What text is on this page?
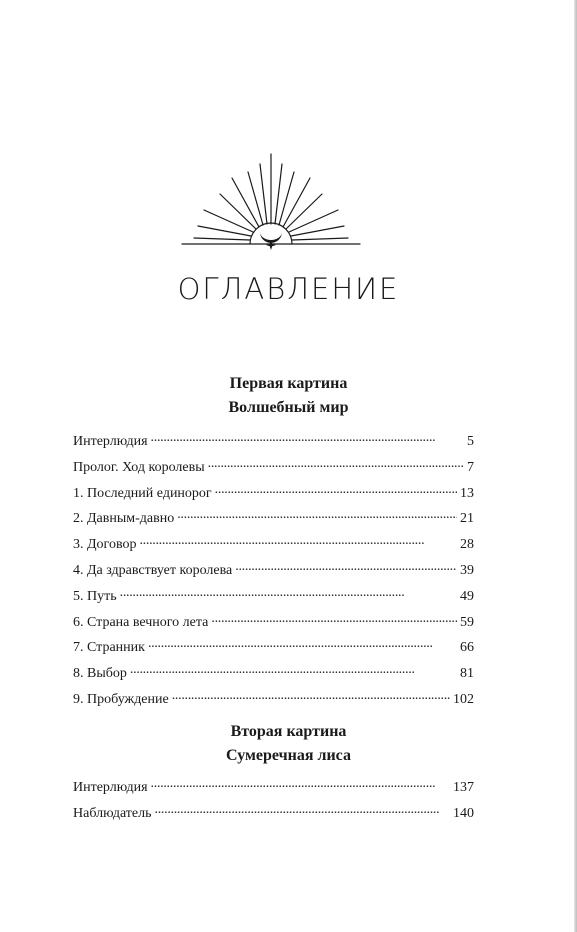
ОГЛАВЛЕНИЕ
Первая картина
Волшебный мир
Интерлюдия . . .	5
Пролог. Ход королевы . . .	7
1. Последний единорог . . .	13
2. Давным-давно . . .	21
3. Договор . . .	28
4. Да здравствует королева . . .	39
5. Путь . . .	49
6. Страна вечного лета . . .	59
7. Странник . . .	66
8. Выбор . . .	81
9. Пробуждение . . .	102
Вторая картина
Сумеречная лиса
Интерлюдия . . .	137
Наблюдатель . . .	140
